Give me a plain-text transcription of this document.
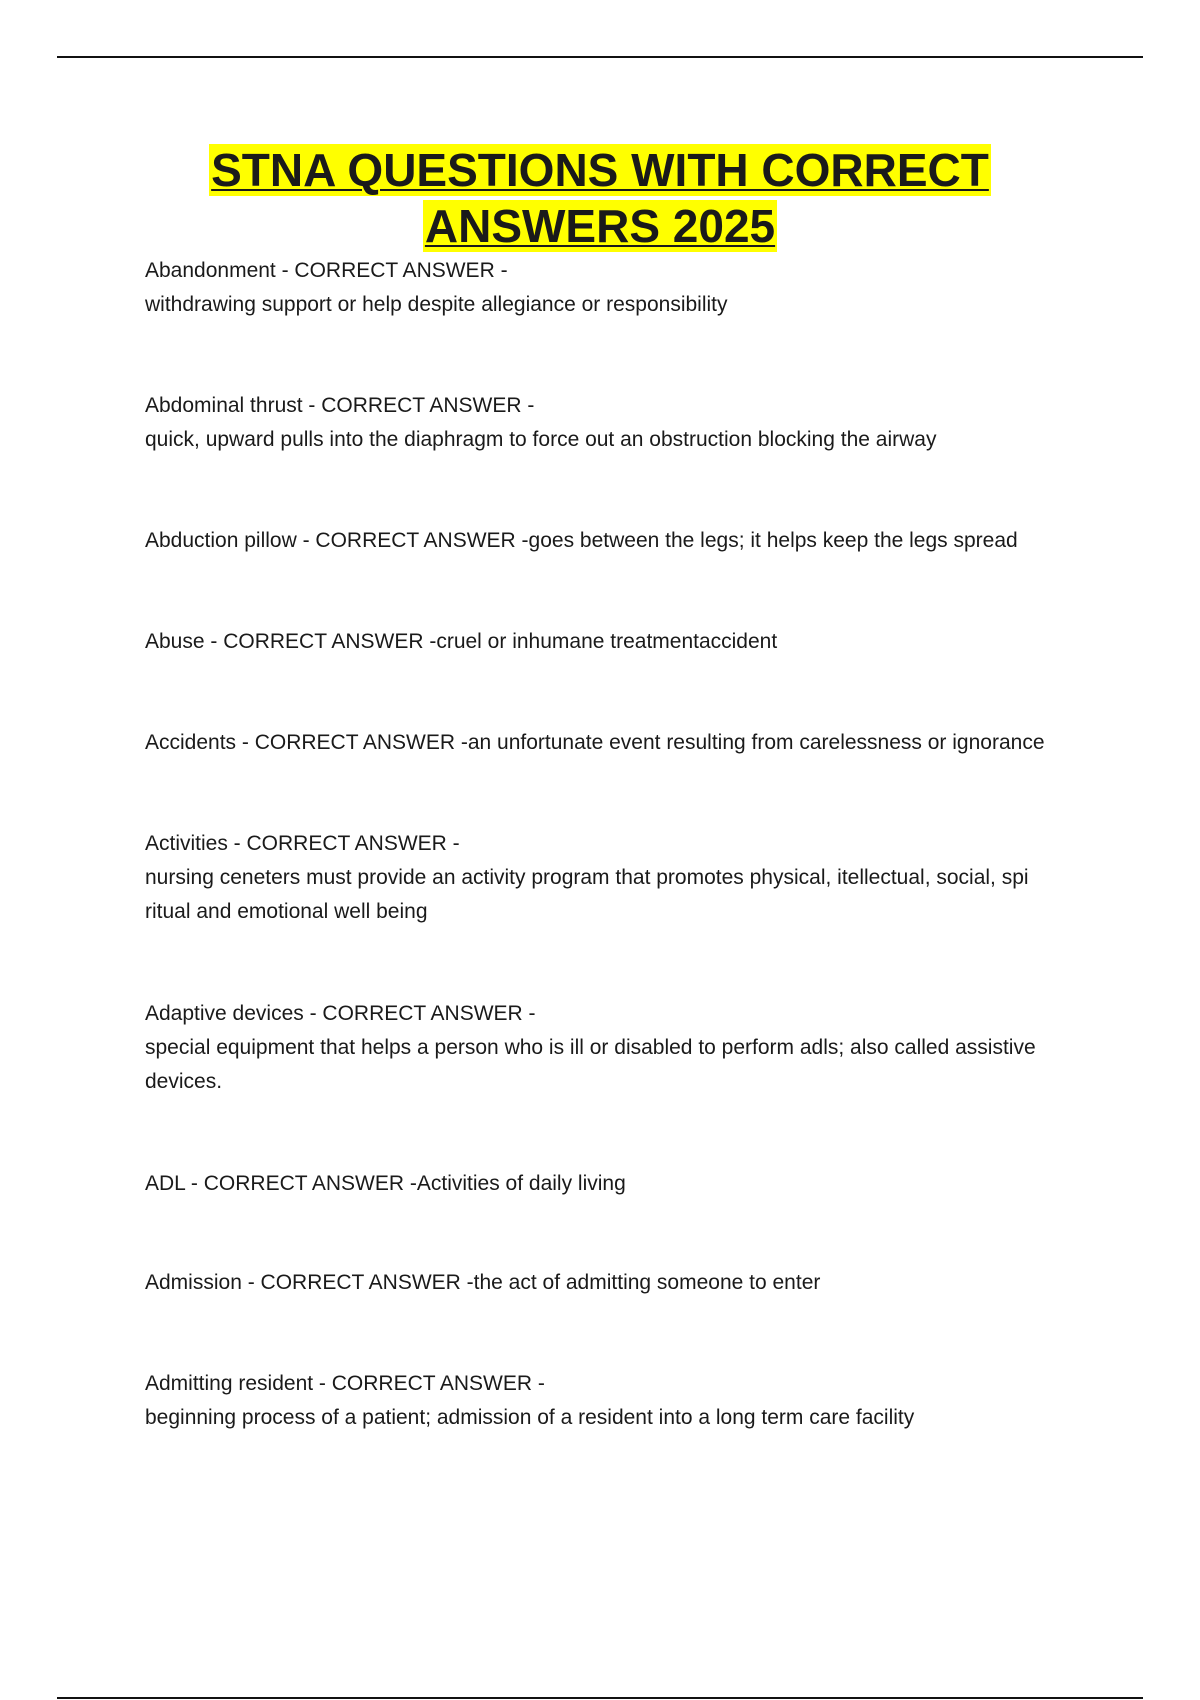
STNA QUESTIONS WITH CORRECT
ANSWERS 2025
Abandonment - CORRECT ANSWER -
withdrawing support or help despite allegiance or responsibility
Abdominal thrust - CORRECT ANSWER -
quick, upward pulls into the diaphragm to force out an obstruction blocking the airway
Abduction pillow - CORRECT ANSWER -goes between the legs; it helps keep the legs spread
Abuse - CORRECT ANSWER -cruel or inhumane treatmentaccident
Accidents - CORRECT ANSWER -an unfortunate event resulting from carelessness or ignorance
Activities - CORRECT ANSWER -
nursing ceneters must provide an activity program that promotes physical, itellectual, social, spi
ritual and emotional well being
Adaptive devices - CORRECT ANSWER -
special equipment that helps a person who is ill or disabled to perform adls; also called assistive
devices.
ADL - CORRECT ANSWER -Activities of daily living
Admission - CORRECT ANSWER -the act of admitting someone to enter
Admitting resident - CORRECT ANSWER -
beginning process of a patient; admission of a resident into a long term care facility
